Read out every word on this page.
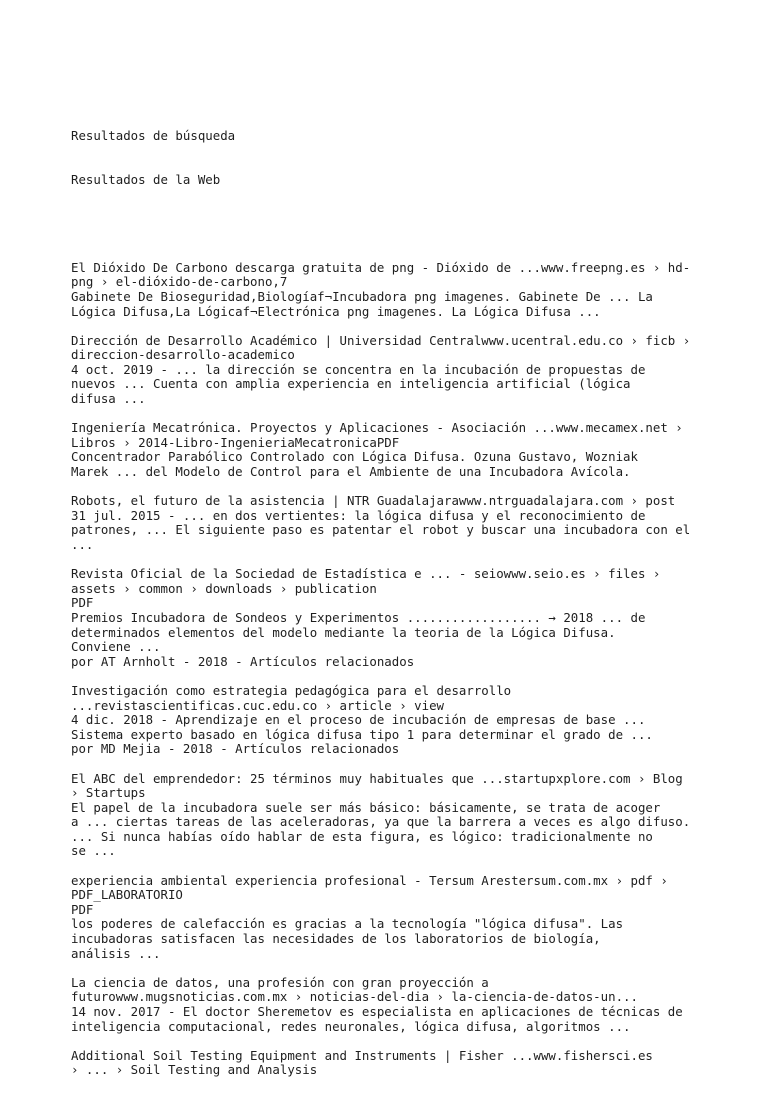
Resultados de búsqueda

Resultados de la Web

El Dióxido De Carbono descarga gratuita de png - Dióxido de ...www.freepng.es › hd-
png › el-dióxido-de-carbono,7
Gabinete De Bioseguridad,Biologíaf¬Incubadora png imagenes. Gabinete De ... La
Lógica Difusa,La Lógicaf¬Electrónica png imagenes. La Lógica Difusa ...
Dirección de Desarrollo Académico | Universidad Centralwww.ucentral.edu.co › ficb ›
direccion-desarrollo-academico
4 oct. 2019 - ... la dirección se concentra en la incubación de propuestas de
nuevos ... Cuenta con amplia experiencia en inteligencia artificial (lógica
difusa ...
Ingeniería Mecatrónica. Proyectos y Aplicaciones - Asociación ...www.mecamex.net ›
Libros › 2014-Libro-IngenieriaMecatronicaPDF
Concentrador Parabólico Controlado con Lógica Difusa. Ozuna Gustavo, Wozniak
Marek ... del Modelo de Control para el Ambiente de una Incubadora Avícola.
Robots, el futuro de la asistencia | NTR Guadalajarawww.ntrguadalajara.com › post
31 jul. 2015 - ... en dos vertientes: la lógica difusa y el reconocimiento de
patrones, ... El siguiente paso es patentar el robot y buscar una incubadora con el
...
Revista Oficial de la Sociedad de Estadística e ... - seiowww.seio.es › files ›
assets › common › downloads › publication
PDF
Premios Incubadora de Sondeos y Experimentos .................. → 2018 ... de
determinados elementos del modelo mediante la teoria de la Lógica Difusa.
Conviene ...
por AT Arnholt - 2018 - Artículos relacionados
Investigación como estrategia pedagógica para el desarrollo
...revistascientificas.cuc.edu.co › article › view
4 dic. 2018 - Aprendizaje en el proceso de incubación de empresas de base ...
Sistema experto basado en lógica difusa tipo 1 para determinar el grado de ...
por MD Mejia - 2018 - Artículos relacionados
El ABC del emprendedor: 25 términos muy habituales que ...startupxplore.com › Blog
› Startups
El papel de la incubadora suele ser más básico: básicamente, se trata de acoger
a ... ciertas tareas de las aceleradoras, ya que la barrera a veces es algo difuso.
... Si nunca habías oído hablar de esta figura, es lógico: tradicionalmente no
se ...
experiencia ambiental experiencia profesional - Tersum Arestersum.com.mx › pdf ›
PDF_LABORATORIO
PDF
los poderes de calefacción es gracias a la tecnología "lógica difusa". Las
incubadoras satisfacen las necesidades de los laboratorios de biología,
análisis ...
La ciencia de datos, una profesión con gran proyección a
futurowww.mugsnoticias.com.mx › noticias-del-dia › la-ciencia-de-datos-un...
14 nov. 2017 - El doctor Sheremetov es especialista en aplicaciones de técnicas de
inteligencia computacional, redes neuronales, lógica difusa, algoritmos ...
Additional Soil Testing Equipment and Instruments | Fisher ...www.fishersci.es
› ... › Soil Testing and Analysis
